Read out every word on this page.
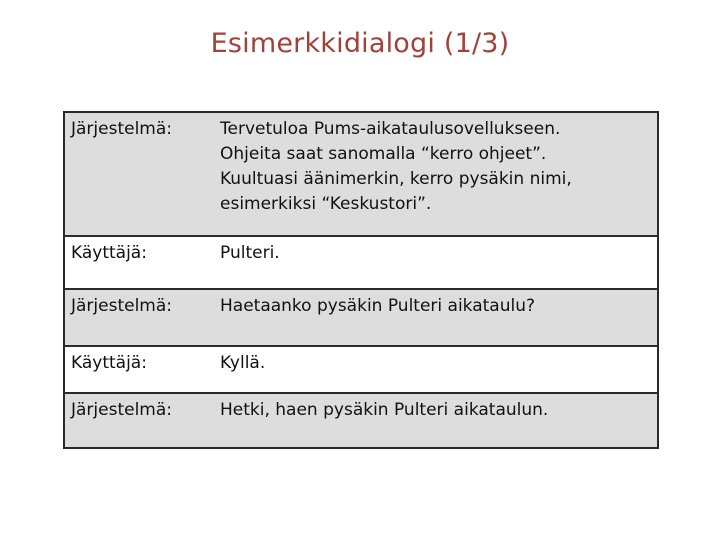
Esimerkkidialogi (1/3)
Järjestelmä:	Tervetuloa Pums-aikataulusovellukseen.
Ohjeita saat sanomalla “kerro ohjeet”.
Kuultuasi äänimerkin, kerro pysäkin nimi,
esimerkiksi “Keskustori”.
Käyttäjä:	Pulteri.
Järjestelmä:	Haetaanko pysäkin Pulteri aikataulu?
Käyttäjä:	Kyllä.
Järjestelmä:	Hetki, haen pysäkin Pulteri aikataulun.
